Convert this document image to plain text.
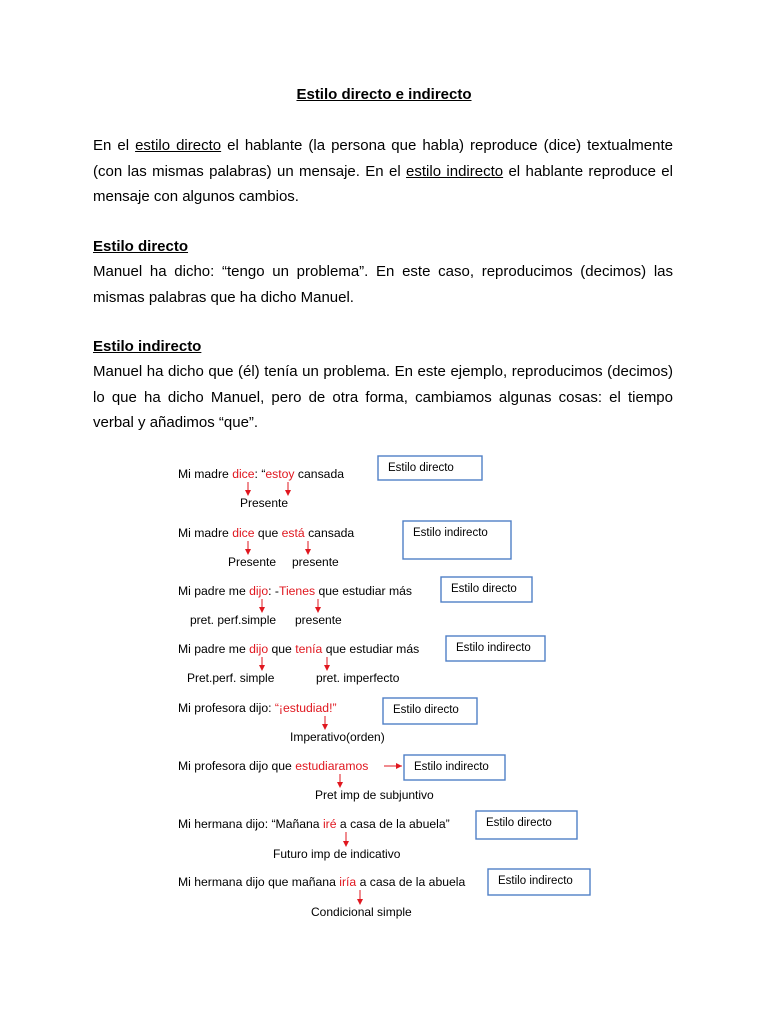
Estilo directo e indirecto

En el estilo directo el hablante (la persona que habla) reproduce (dice) textualmente (con las mismas palabras) un mensaje. En el estilo indirecto el hablante reproduce el mensaje con algunos cambios.

Estilo directo

Manuel ha dicho: “tengo un problema”. En este caso, reproducimos (decimos) las mismas palabras que ha dicho Manuel.

Estilo indirecto

Manuel ha dicho que (él) tenía un problema. En este ejemplo, reproducimos (decimos) lo que ha dicho Manuel, pero de otra forma, cambiamos algunas cosas: el tiempo verbal y añadimos “que”.

Mi madre dice: “estoy cansada
Presente
Estilo directo
Mi madre dice que está cansada
Presente presente
Estilo indirecto
Mi padre me dijo: -Tienes que estudiar más
pret. perf.simple presente
Estilo directo
Mi padre me dijo que tenía que estudiar más
Pret.perf. simple	pret. imperfecto
Estilo indirecto
Mi profesora dijo: “¡estudiad!”
Imperativo(orden)
Estilo directo
Mi profesora dijo que estudiaramos
Pret imp de subjuntivo
Estilo indirecto
Mi hermana dijo: “Mañana iré a casa de la abuela”
Futuro imp de indicativo
Estilo directo
Mi hermana dijo que mañana iría a casa de la abuela
Condicional simple
Estilo indirecto
